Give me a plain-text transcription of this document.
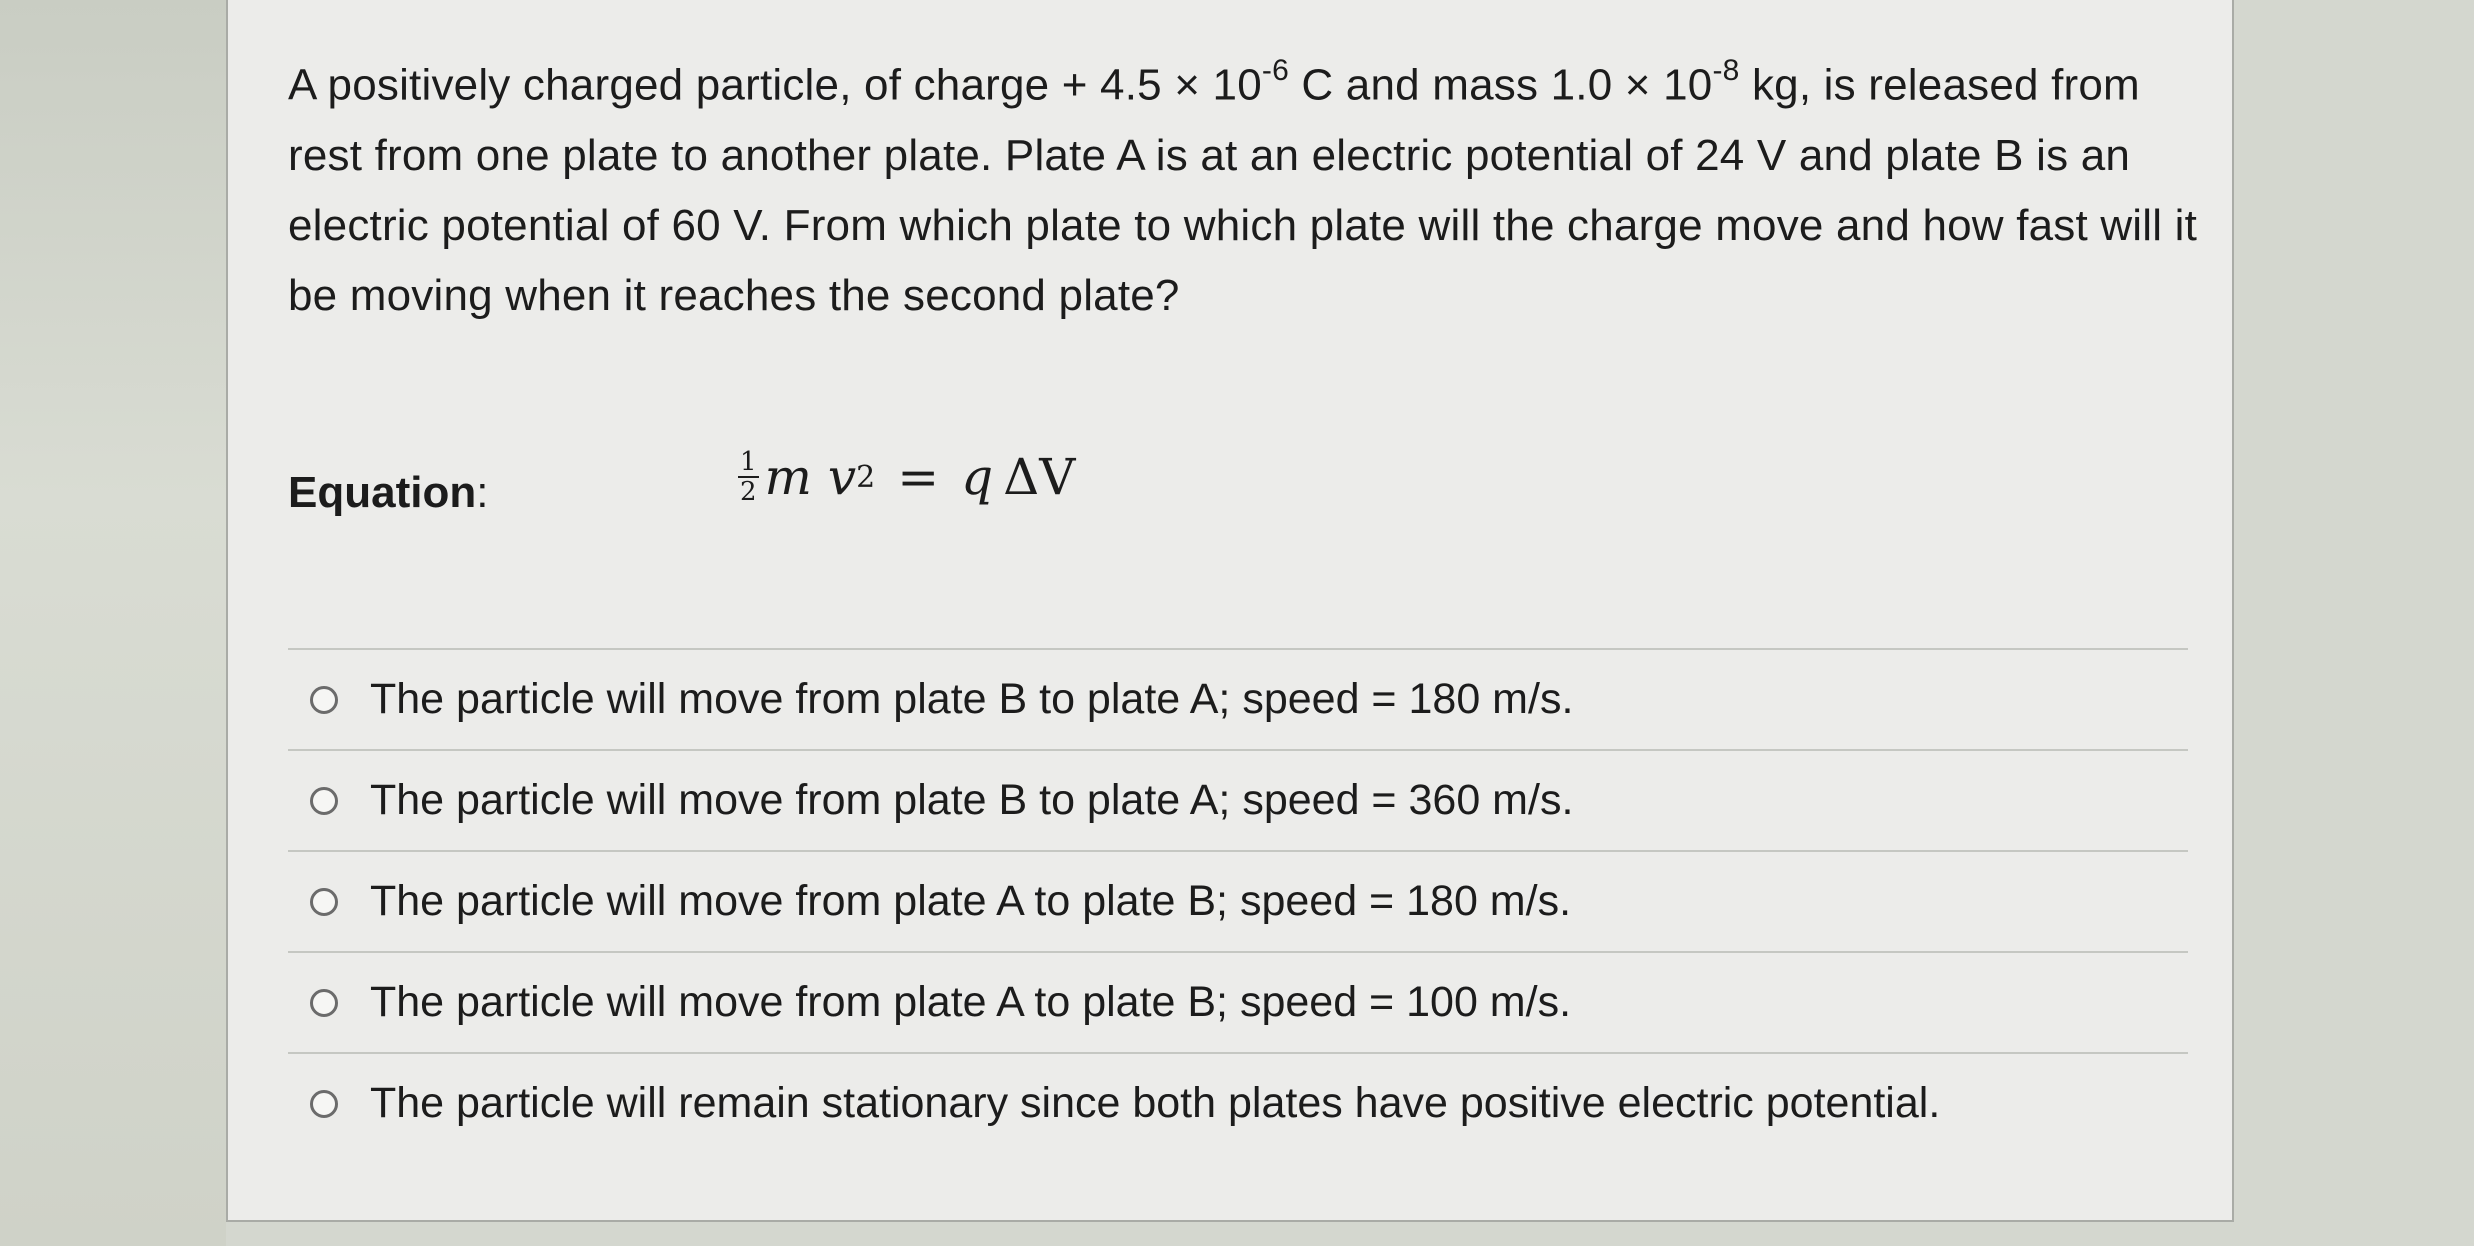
A positively charged particle, of charge + $4.5 \times 10^{-6}$ C and mass $1.0 \times 10^{-8}$ kg, is released from rest from one plate to another plate. Plate A is at an electric potential of 24 V and plate B is an electric potential of 60 V. From which plate to which plate will the charge move and how fast will it be moving when it reaches the second plate?
Equation:	$\frac{1}{2}$ m
v 2 = q ΔV
The particle will move from plate B to plate A; speed = 180 m/s.
The particle will move from plate B to plate A; speed = 360 m/s.
The particle will move from plate A to plate B; speed = 180 m/s.
The particle will move from plate A to plate B; speed = 100 m/s.
The particle will remain stationary since both plates have positive electric potential.
